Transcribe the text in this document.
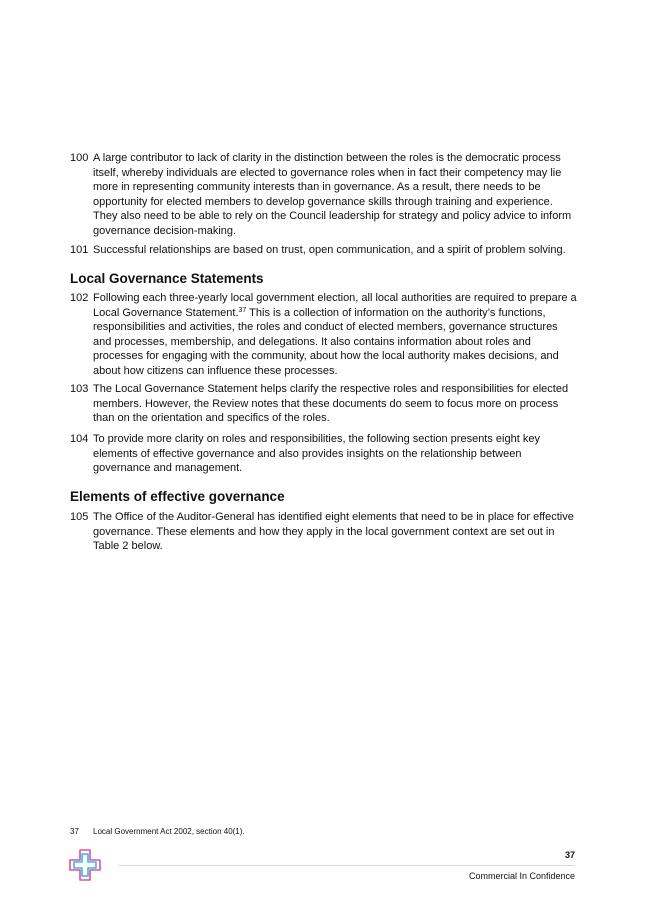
100 A large contributor to lack of clarity in the distinction between the roles is the democratic process itself, whereby individuals are elected to governance roles when in fact their competency may lie more in representing community interests than in governance. As a result, there needs to be opportunity for elected members to develop governance skills through training and experience. They also need to be able to rely on the Council leadership for strategy and policy advice to inform governance decision-making.
101 Successful relationships are based on trust, open communication, and a spirit of problem solving.
Local Governance Statements
102 Following each three-yearly local government election, all local authorities are required to prepare a Local Governance Statement.$^{37}$ This is a collection of information on the authority’s functions, responsibilities and activities, the roles and conduct of elected members, governance structures and processes, membership, and delegations. It also contains information about roles and processes for engaging with the community, about how the local authority makes decisions, and about how citizens can influence these processes.
103 The Local Governance Statement helps clarify the respective roles and responsibilities for elected members. However, the Review notes that these documents do seem to focus more on process than on the orientation and specifics of the roles.
104 To provide more clarity on roles and responsibilities, the following section presents eight key elements of effective governance and also provides insights on the relationship between governance and management.
Elements of effective governance
105 The Office of the Auditor-General has identified eight elements that need to be in place for effective governance. These elements and how they apply in the local government context are set out in Table 2 below.
37 Local Government Act 2002, section 40(1).
37
Commercial In Confidence
